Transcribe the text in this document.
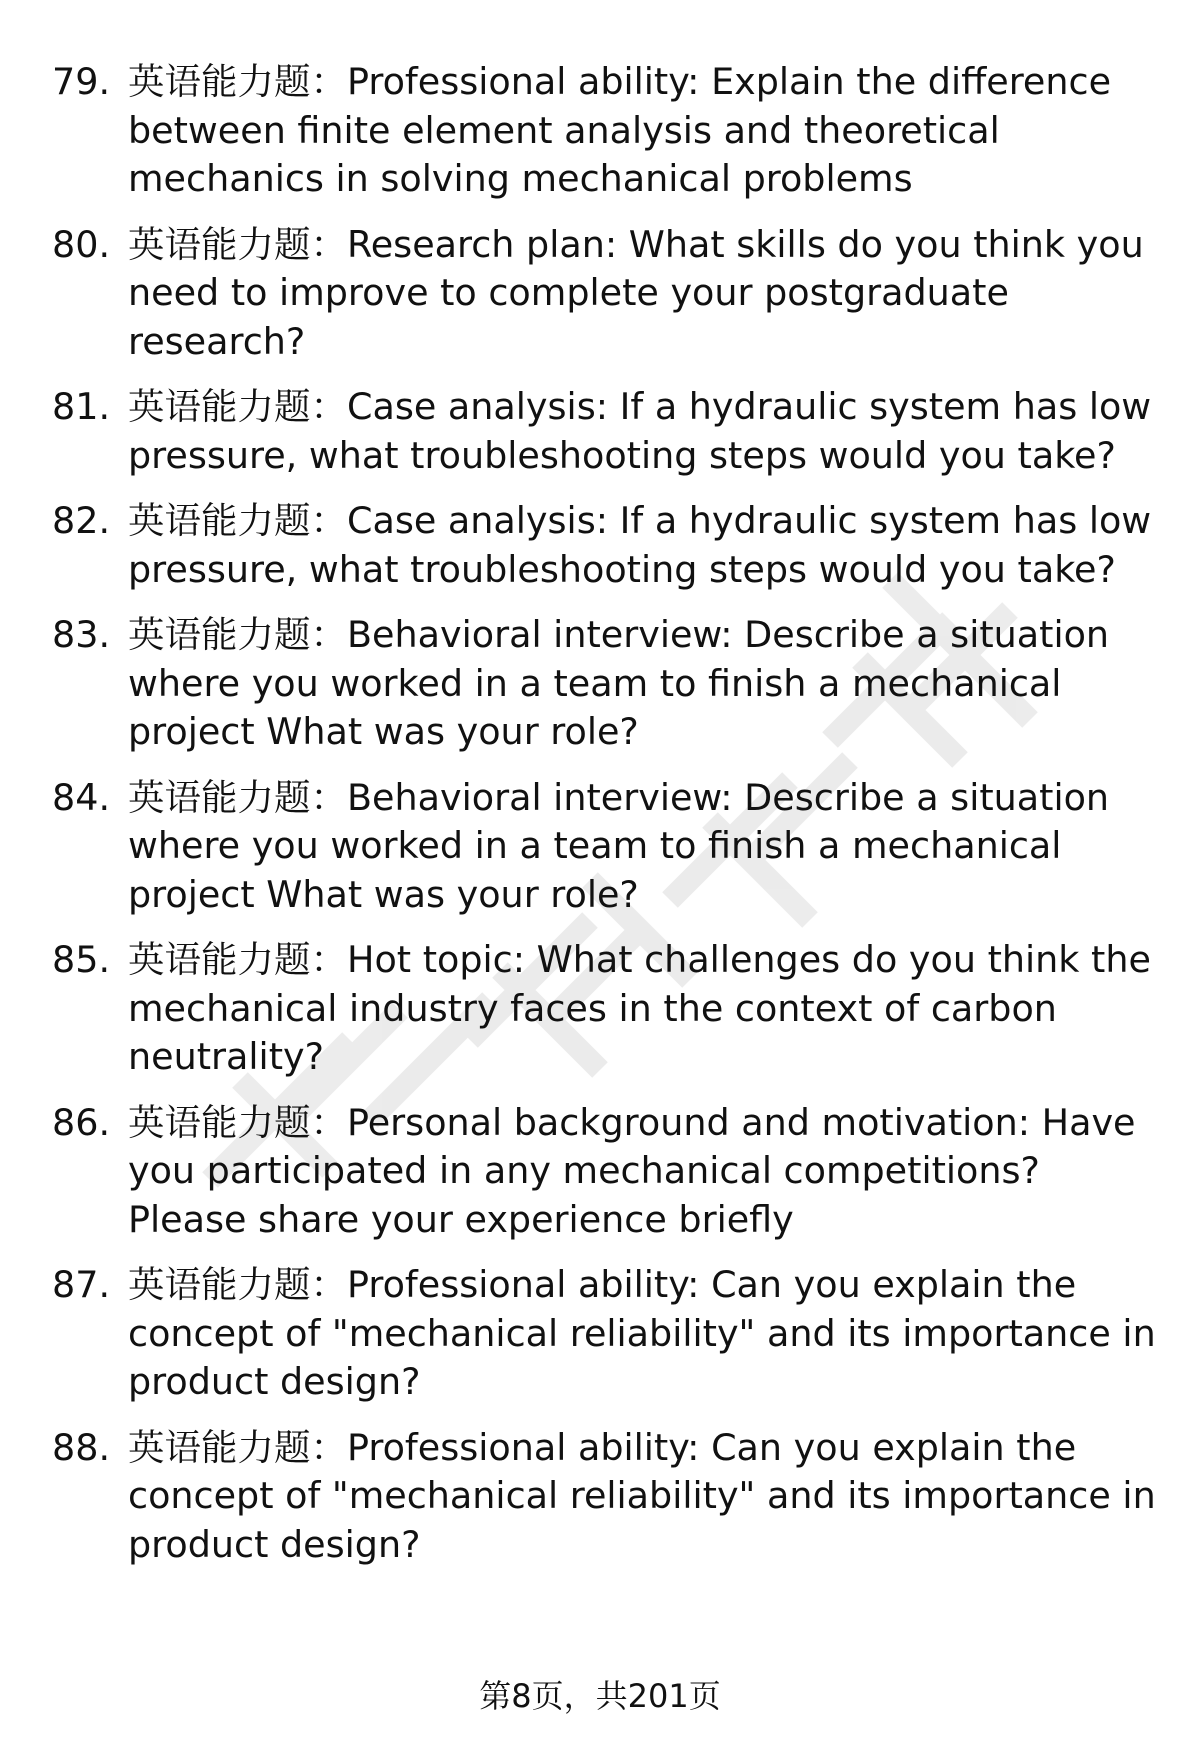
79. 英语能力题：Professional ability: Explain the difference between finite element analysis and theoretical mechanics in solving mechanical problems
80. 英语能力题：Research plan: What skills do you think you need to improve to complete your postgraduate research?
81. 英语能力题：Case analysis: If a hydraulic system has low pressure, what troubleshooting steps would you take?
82. 英语能力题：Case analysis: If a hydraulic system has low pressure, what troubleshooting steps would you take?
83. 英语能力题：Behavioral interview: Describe a situation where you worked in a team to finish a mechanical project What was your role?
84. 英语能力题：Behavioral interview: Describe a situation where you worked in a team to finish a mechanical project What was your role?
85. 英语能力题：Hot topic: What challenges do you think the mechanical industry faces in the context of carbon neutrality?
86. 英语能力题：Personal background and motivation: Have you participated in any mechanical competitions? Please share your experience briefly
87. 英语能力题：Professional ability: Can you explain the concept of "mechanical reliability" and its importance in product design?
88. 英语能力题：Professional ability: Can you explain the concept of "mechanical reliability" and its importance in product design?
第8页，共201页
